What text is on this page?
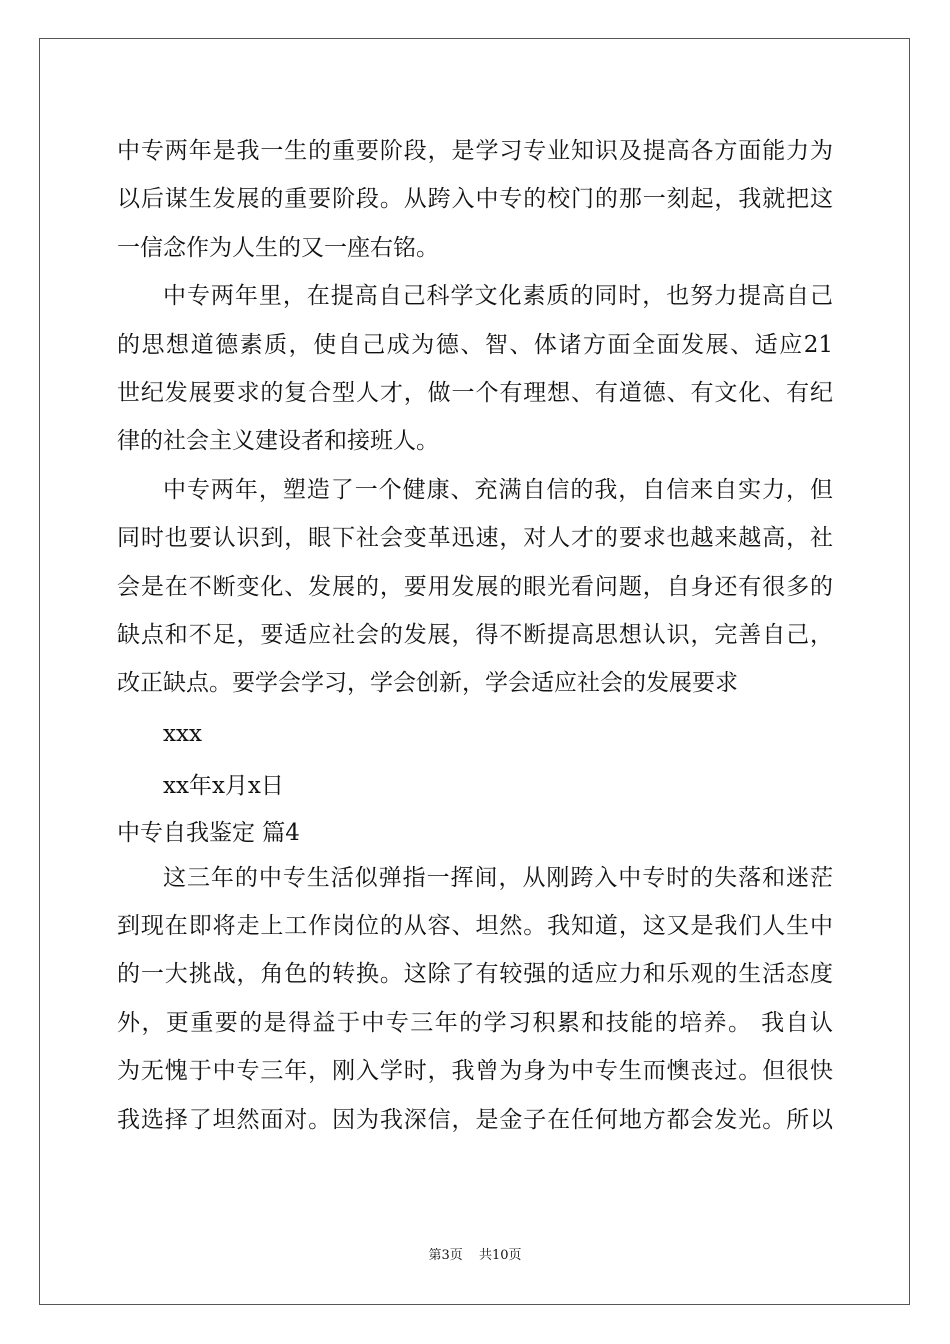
中专两年是我一生的重要阶段，是学习专业知识及提高各方面能力为
以后谋生发展的重要阶段。从跨入中专的校门的那一刻起，我就把这
一信念作为人生的又一座右铭。
中专两年里，在提高自己科学文化素质的同时，也努力提高自己
的思想道德素质，使自己成为德、智、体诸方面全面发展、适应21
世纪发展要求的复合型人才，做一个有理想、有道德、有文化、有纪
律的社会主义建设者和接班人。
中专两年，塑造了一个健康、充满自信的我，自信来自实力，但
同时也要认识到，眼下社会变革迅速，对人才的要求也越来越高，社
会是在不断变化、发展的，要用发展的眼光看问题，自身还有很多的
缺点和不足，要适应社会的发展，得不断提高思想认识，完善自己，
改正缺点。要学会学习，学会创新，学会适应社会的发展要求
xxx
xx年x月x日
中专自我鉴定 篇4
这三年的中专生活似弹指一挥间，从刚跨入中专时的失落和迷茫
到现在即将走上工作岗位的从容、坦然。我知道，这又是我们人生中
的一大挑战，角色的转换。这除了有较强的适应力和乐观的生活态度
外，更重要的是得益于中专三年的学习积累和技能的培养。 我自认
为无愧于中专三年，刚入学时，我曾为身为中专生而懊丧过。但很快
我选择了坦然面对。因为我深信，是金子在任何地方都会发光。所以
第3页 共10页
